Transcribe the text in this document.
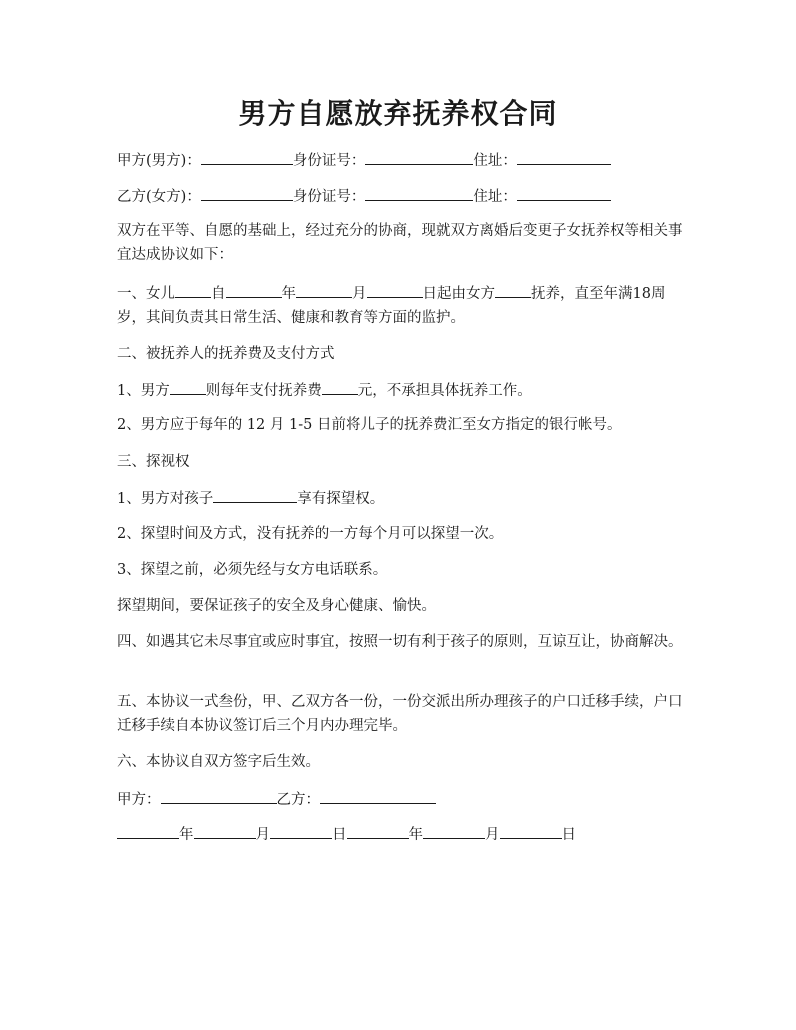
男方自愿放弃抚养权合同
甲方(男方)：	身份证号：	住址：
乙方(女方)：	身份证号：	住址：
双方在平等、自愿的基础上，经过充分的协商，现就双方离婚后变更子女抚养权等相关事宜达成协议如下：
一、女儿 自	年	月	日起由女方 抚养，直至年满18周岁，其间负责其日常生活、健康和教育等方面的监护。
二、被抚养人的抚养费及支付方式
1、男方 则每年支付抚养费 元，不承担具体抚养工作。
2、男方应于每年的 12 月 1-5 日前将儿子的抚养费汇至女方指定的银行帐号。
三、探视权
1、男方对孩子	享有探望权。
2、探望时间及方式，没有抚养的一方每个月可以探望一次。
3、探望之前，必须先经与女方电话联系。
探望期间，要保证孩子的安全及身心健康、愉快。
四、如遇其它未尽事宜或应时事宜，按照一切有利于孩子的原则，互谅互让，协商解决。
五、本协议一式叁份，甲、乙双方各一份，一份交派出所办理孩子的户口迁移手续，户口迁移手续自本协议签订后三个月内办理完毕。
六、本协议自双方签字后生效。
甲方：	乙方：
年	月	日	年	月	日
